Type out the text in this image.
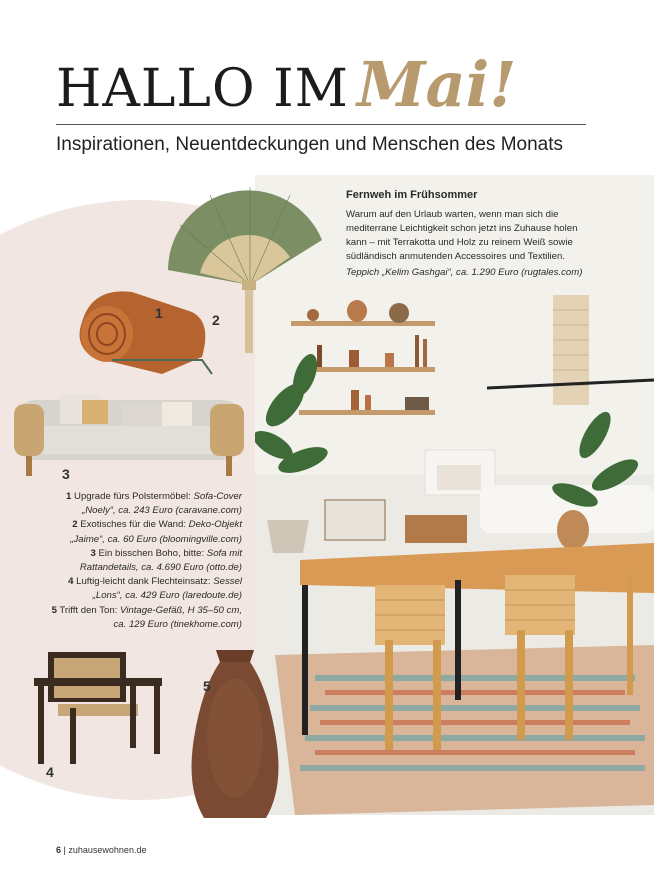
HALLO IM Mai!
Inspirationen, Neuentdeckungen und Menschen des Monats
Fernweh im Frühsommer
Warum auf den Urlaub warten, wenn man sich die mediterrane Leichtigkeit schon jetzt ins Zuhause holen kann – mit Terrakotta und Holz zu reinem Weiß sowie südländisch anmutenden Accessoires und Textilien.
Teppich „Kelim Gashgai“, ca. 1.290 Euro (rugtales.com)
1	2
3
1 Upgrade fürs Polstermöbel: Sofa-Cover „Noely“, ca. 243 Euro (caravane.com)
2 Exotisches für die Wand: Deko-Objekt „Jaime“, ca. 60 Euro (bloomingville.com)
3 Ein bisschen Boho, bitte: Sofa mit Rattandetails, ca. 4.690 Euro (otto.de)
4 Luftig-leicht dank Flechteinsatz: Sessel „Lons“, ca. 429 Euro (laredoute.de)
5 Trifft den Ton: Vintage-Gefäß, H 35–50 cm, ca. 129 Euro (tinekhome.com)
4
5
6 | zuhausewohnen.de
